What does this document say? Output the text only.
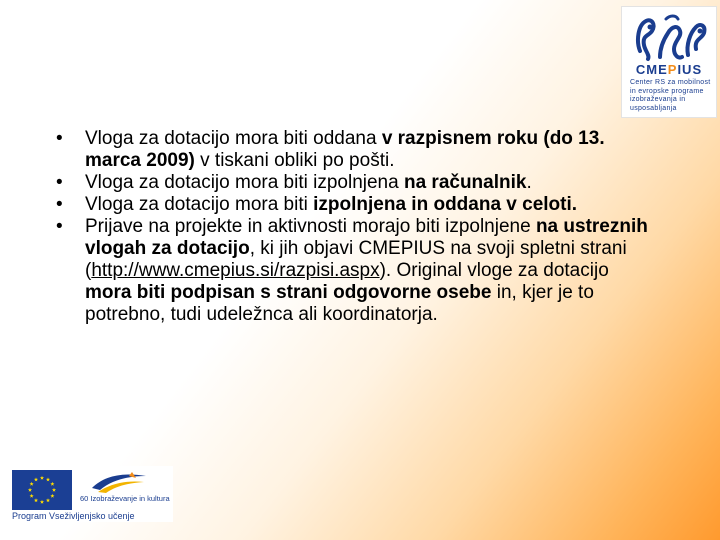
CMEPIUS
Center RS za mobilnost
in evropske programe
izobraževanja in
usposabljanja
• Vloga za dotacijo mora biti oddana v razpisnem roku (do 13. marca 2009) v tiskani obliki po pošti.
• Vloga za dotacijo mora biti izpolnjena na računalnik.
• Vloga za dotacijo mora biti izpolnjena in oddana v celoti.
• Prijave na projekte in aktivnosti morajo biti izpolnjene na ustreznih vlogah za dotacijo, ki jih objavi CMEPIUS na svoji spletni strani (http://www.cmepius.si/razpisi.aspx). Original vloge za dotacijo mora biti podpisan s strani odgovorne osebe in, kjer je to potrebno, tudi udeležnca ali koordinatorja.
60 Izobraževanje in kultura
Program Vseživljenjsko učenje
